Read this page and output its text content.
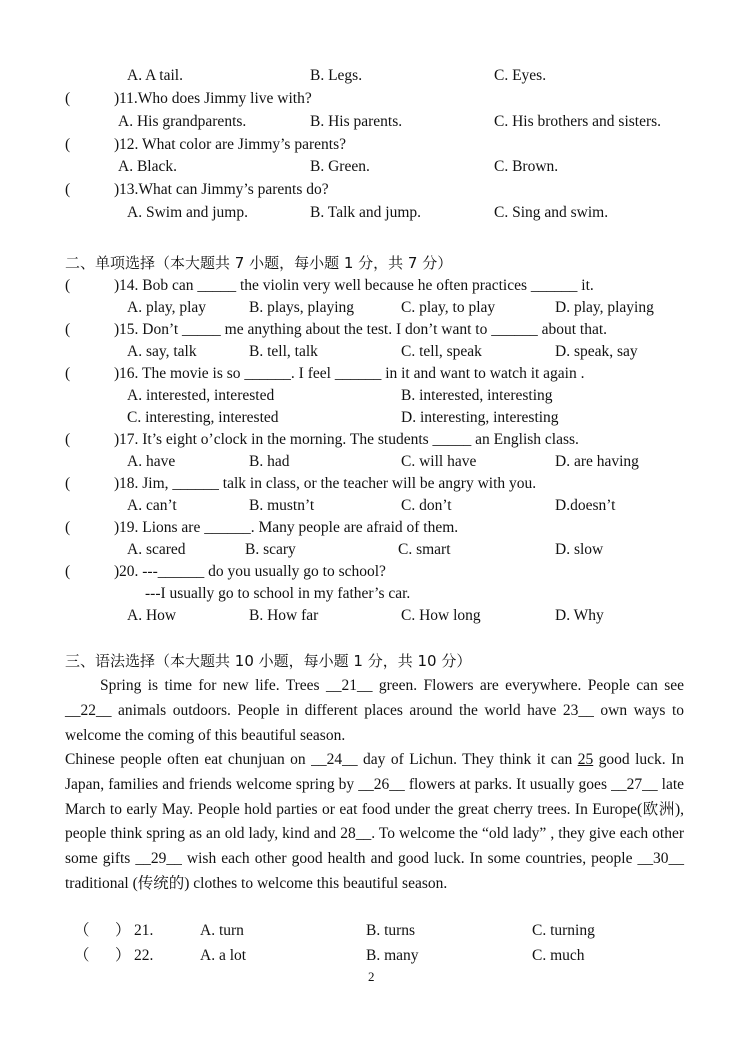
A. A tail.	B. Legs.	C. Eyes.
(	) 11.Who does Jimmy live with?
A. His grandparents.	B. His parents.	C. His brothers and sisters.
(	) 12. What color are Jimmy’s parents?
A. Black.	B. Green.	C. Brown.
(	) 13.What can Jimmy’s parents do?
A. Swim and jump.	B. Talk and jump.	C. Sing and swim.
二、单项选择（本大题共 7 小题，每小题 1 分，共 7 分）
(	) 14. Bob can _____ the violin very well because he often practices ______ it.
A. play, play	B. plays, playing	C. play, to play	D. play, playing
(	) 15. Don’t _____ me anything about the test. I don’t want to ______ about that.
A. say, talk	B. tell, talk	C. tell, speak	D. speak, say
(	) 16. The movie is so ______. I feel ______ in it and want to watch it again .
A. interested, interested	B. interested, interesting
C. interesting, interested	D. interesting, interesting
(	) 17. It’s eight o’clock in the morning. The students _____ an English class.
A. have	B. had	C. will have	D. are having
(	) 18. Jim, ______ talk in class, or the teacher will be angry with you.
A. can’t	B. mustn’t	C. don’t	D.doesn’t
(	) 19. Lions are ______. Many people are afraid of them.
A. scared	B. scary	C. smart	D. slow
(	) 20. ---______ do you usually go to school?
---I usually go to school in my father’s car.
A. How	B. How far	C. How long	D. Why
三、语法选择（本大题共 10 小题，每小题 1 分，共 10 分）
Spring is time for new life. Trees __21__ green. Flowers are everywhere. People can see __22__ animals outdoors. People in different places around the world have 23__ own ways to welcome the coming of this beautiful season.
Chinese people often eat chunjuan on __24__ day of Lichun. They think it can 25 good luck. In Japan, families and friends welcome spring by __26__ flowers at parks. It usually goes __27__ late March to early May. People hold parties or eat food under the great cherry trees. In Europe(欧洲), people think spring as an old lady, kind and 28__. To welcome the “old lady” , they give each other some gifts __29__ wish each other good health and good luck. In some countries, people __30__ traditional (传统的) clothes to welcome this beautiful season.
（ ） 21.	A. turn	B. turns	C. turning
（ ） 22.	A. a lot	B. many	C. much
2
